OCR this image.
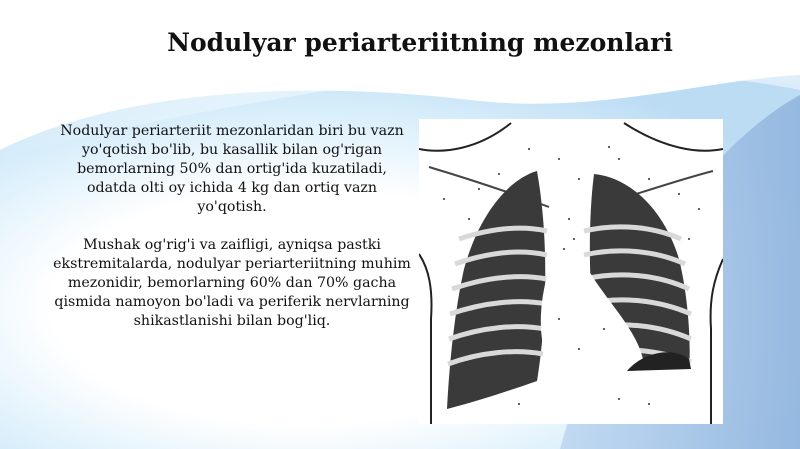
Nodulyar periarteriitning mezonlari

Nodulyar periarteriit mezonlaridan biri bu vazn yo'qotish bo'lib, bu kasallik bilan og'rigan bemorlarning 50% dan ortig'ida kuzatiladi, odatda olti oy ichida 4 kg dan ortiq vazn yo'qotish.

Mushak og'rig'i va zaifligi, ayniqsa pastki ekstremitalarda, nodulyar periarteriitning muhim mezonidir, bemorlarning 60% dan 70% gacha qismida namoyon bo'ladi va periferik nervlarning shikastlanishi bilan bog'liq.
